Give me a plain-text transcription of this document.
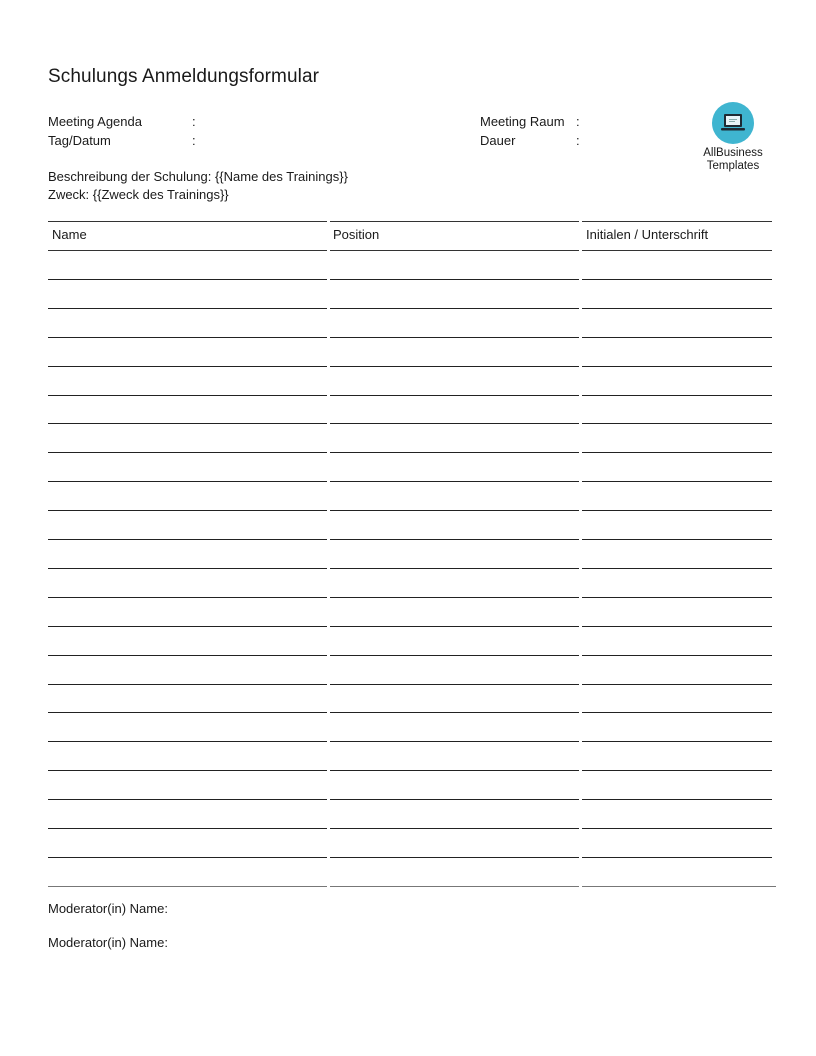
Schulungs Anmeldungsformular
Meeting Agenda	:
Tag/Datum	:
Meeting Raum :
Dauer	:
Beschreibung der Schulung: {{Name des Trainings}}
Zweck: {{Zweck des Trainings}}
AllBusiness
Templates
Name	Position	Initialen / Unterschrift
Moderator(in) Name:
Moderator(in) Name:
